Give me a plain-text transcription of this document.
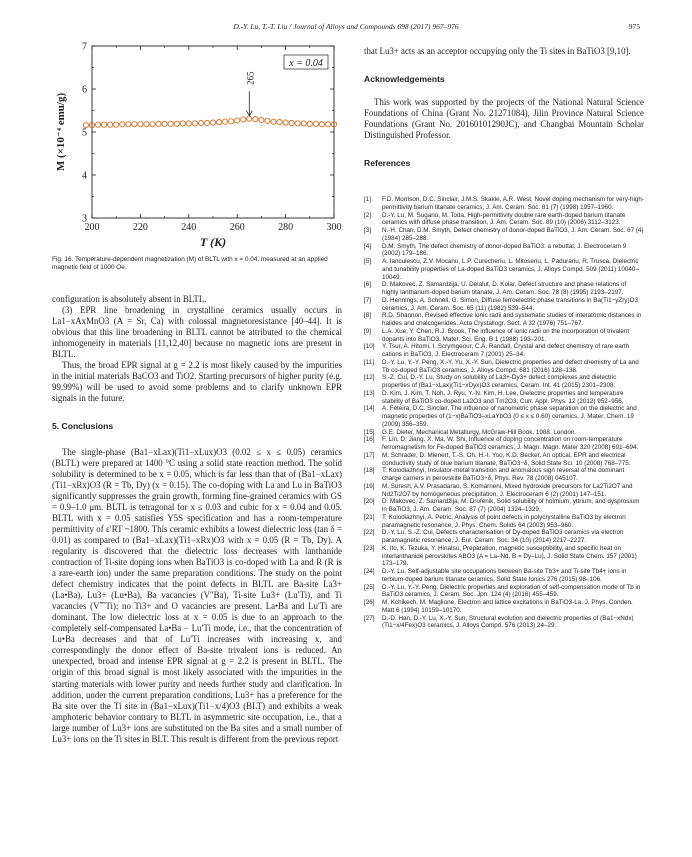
D.-Y. Lu, T.-T. Liu / Journal of Alloys and Compounds 698 (2017) 967–976	975
200	220	240	260	280	300
3
4
5
6
7
T (K)
M (×10⁻⁴ emu/g)
x = 0.04
265
Fig. 16. Temperature-dependent magnetization (M) of BLTL with x = 0.04, measured at an applied magnetic field of 1000 Oe.

configuration is absolutely absent in BLTL.

(3) EPR line broadening in crystalline ceramics usually occurs in La1−xAxMnO3 (A = Sr, Ca) with colossal magnetoresistance [40–44]. It is obvious that this line broadening in BLTL cannot be attributed to the chemical inhomogeneity in materials [11,12,40] because no magnetic ions are present in BLTL.

Thus, the broad EPR signal at g = 2.2 is most likely caused by the impurities in the initial materials BaCO3 and TiO2. Starting precursors of higher purity (e.g. 99.99%) will be used to avoid some problems and to clarify unknown EPR signals in the future.

5. Conclusions

The single-phase (Ba1−xLax)(Ti1−xLux)O3 (0.02 ≤ x ≤ 0.05) ceramics (BLTL) were prepared at 1400 °C using a solid state reaction method. The solid solubility is determined to be x = 0.05, which is far less than that of (Ba1−xLax)(Ti1−xRx)O3 (R = Tb, Dy) (x = 0.15). The co-doping with La and Lu in BaTiO3 significantly suppresses the grain growth, forming fine-grained ceramics with GS = 0.9–1.0 μm. BLTL is tetragonal for x ≤ 0.03 and cubic for x = 0.04 and 0.05. BLTL with x = 0.05 satisfies Y5S specification and has a room-temperature permittivity of ε′RT ~1800. This ceramic exhibits a lowest dielectric loss (tan δ = 0.01) as compared to (Ba1−xLax)(Ti1−xRx)O3 with x = 0.05 (R = Tb, Dy). A regularity is discovered that the dielectric loss decreases with lanthanide contraction of Ti-site doping ions when BaTiO3 is co-doped with La and R (R is a rare-earth ion) under the same preparation conditions. The study on the point defect chemistry indicates that the point defects in BLTL are Ba-site La3+ (La•Ba), Lu3+ (Lu•Ba), Ba vacancies (V″Ba), Ti-site Lu3+ (Lu′Ti), and Ti vacancies (V⁗Ti); no Ti3+ and O vacancies are present. La•Ba and Lu′Ti are dominant. The low dielectric loss at x = 0.05 is due to an approach to the completely self-compensated La•Ba − Lu′Ti mode, i.e., that the concentration of Lu•Ba decreases and that of Lu′Ti increases with increasing x, and correspondingly the donor effect of Ba-site trivalent ions is reduced. An unexpected, broad and intense EPR signal at g = 2.2 is present in BLTL. The origin of this broad signal is most likely associated with the impurities in the starting materials with lower purity and needs further study and clarification. In addition, under the current preparation conditions, Lu3+ has a preference for the Ba site over the Ti site in (Ba1−xLux)(Ti1−x/4)O3 (BLT) and exhibits a weak amphoteric behavior contrary to BLTL in asymmetric site occupation, i.e., that a large number of Lu3+ ions are substituted on the Ba sites and a small number of Lu3+ ions on the Ti sites in BLT. This result is different from the previous report

that Lu3+ acts as an acceptor occupying only the Ti sites in BaTiO3 [9,10].

Acknowledgements

This work was supported by the projects of the National Natural Science Foundations of China (Grant No. 21271084), Jilin Province Natural Science Foundations (Grant No. 20160101290JC), and Changbai Mountain Scholar Distinguished Professor.

References
[1]	F.D. Morrison, D.C. Sinclair, J.M.S. Skakle, A.R. West, Novel doping mechanism for very-high-permittivity barium titanate ceramics, J. Am. Ceram. Soc. 81 (7) (1998) 1957–1960.
[2]	D.-Y. Lu, M. Sugano, M. Toda, High-permittivity double rare earth-doped barium titanate ceramics with diffuse phase transition, J. Am. Ceram. Soc. 89 (10) (2006) 3112–3123.
[3]	N.-H. Chan, D.M. Smyth, Defect chemistry of donor-doped BaTiO3, J. Am. Ceram. Soc. 67 (4) (1984) 285–288.
[4]	D.M. Smyth, The defect chemistry of donor-doped BaTiO3: a rebuttal, J. Electroceram 9 (2002) 179–186.
[5]	A. Ianculescu, Z.V. Mocanu, L.P. Curecheriu, L. Mitoseriu, L. Padurariu, R. Trusca, Dielectric and tunability properties of La-doped BaTiO3 ceramics, J. Alloys Compd. 509 (2011) 10040–10049.
[6]	D. Makovec, Z. Samardzija, U. Delalut, D. Kolar, Defect structure and phase relations of highly lanthanum-doped barium titanate, J. Am. Ceram. Soc. 78 (8) (1995) 2193–2197.
[7]	D. Hennings, A. Schnell, G. Simon, Diffuse ferroelectric phase transitions in Ba(Ti1−yZry)O3 ceramics, J. Am. Ceram. Soc. 65 (11) (1982) 539–544.
[8]	R.D. Shannon, Revised effective ionic radii and systematic studies of interatomic distances in halides and chalcogenides, Acta Crystallogr. Sect. A 32 (1976) 751–767.
[9]	L.A. Xue, Y. Chen, R.J. Brook, The influence of ionic radii on the incorporation of trivalent dopants into BaTiO3, Mater. Sci. Eng. B 1 (1988) 193–201.
[10]	Y. Tsur, A. Hitomi, I. Scrymgeour, C.A. Randall, Crystal and defect chemistry of rare earth cations in BaTiO3, J. Electroceram 7 (2001) 25–34.
[11]	D.-Y. Lu, Y.-Y. Peng, X.-Y. Yu, X.-Y. Sun, Dielectric properties and defect chemistry of La and Tb co-doped BaTiO3 ceramics, J. Alloys Compd. 681 (2016) 128–138.
[12]	S.-Z. Cui, D.-Y. Lu, Study on solubility of La3+-Dy3+ defect complexes and dielectric properties of (Ba1−xLax)(Ti1−xDyx)O3 ceramics, Ceram. Int. 41 (2015) 2301–2308.
[13]	D. Kim, J. Kim, T. Noh, J. Ryu, Y.-N. Kim, H. Lee, Dielectric properties and temperature stability of BaTiO3 co-doped La2O3 and Tm2O3, Curr. Appl. Phys. 12 (2012) 952–956.
[14]	A. Feteira, D.C. Sinclair, The influence of nanometric phase separation on the dielectric and magnetic properties of (1−x)BaTiO3–xLaYbO3 (0 ≤ x ≤ 0.60) ceramics, J. Mater. Chem. 19 (2009) 356–359.
[15]	G.E. Dieter, Mechanical Metallurgy, McGraw-Hill Book, 1988. London.
[16]	F. Lin, D. Jiang, X. Ma, W. Shi, Influence of doping concentration on room-temperature ferromagnetism for Fe-doped BaTiO3 ceramics, J. Magn. Magn. Mater 320 (2008) 691–694.
[17]	M. Schrader, D. Mienert, T.-S. Oh, H.-I. Yoo, K.D. Becker, An optical, EPR and electrical conductivity study of blue barium titanate, BaTiO3−δ, Solid State Sci. 10 (2008) 768–775.
[18]	T. Kolodiazhnyi, Insulator-metal transition and anomalous sign reversal of the dominant charge carriers in perovskite BaTiO3−δ, Phys. Rev. 78 (2008) 045107.
[19]	M. Suresh, A.V. Prasadarao, S. Komarneni, Mixed hydroxide precursors for La2Ti2O7 and Nd2Ti2O7 by homogeneous precipitation, J. Electroceram 6 (2) (2001) 147–151.
[20]	D. Makovec, Z. Samardžija, M. Drofenik, Solid solubility of holmium, yttrium, and dysprosium in BaTiO3, J. Am. Ceram. Soc. 87 (7) (2004) 1324–1329.
[21]	T. Kolodiazhnyi, A. Petric, Analysis of point defects in polycrystalline BaTiO3 by electron paramagnetic resonance, J. Phys. Chem. Solids 64 (2003) 953–960.
[22]	D.-Y. Lu, S.-Z. Cui, Defects characterisation of Dy-doped BaTiO3 ceramics via electron paramagnetic resonance, J. Eur. Ceram. Soc. 34 (10) (2014) 2217–2227.
[23]	K. Ito, K. Tezuka, Y. Hinatsu, Preparation, magnetic susceptibility, and specific heat on interlanthanide perovskites ABO3 (A = La–Nd, B = Dy–Lu), J. Solid State Chem. 157 (2001) 173–179.
[24]	D.-Y. Lu, Self-adjustable site occupations between Ba-site Tb3+ and Ti-site Tb4+ ions in terbium-doped barium titanate ceramics, Solid State Ionics 276 (2015) 98–106.
[25]	D.-Y. Lu, Y.-Y. Peng, Dielectric properties and exploration of self-compensation mode of Tb in BaTiO3 ceramics, J. Ceram. Soc. Jpn. 124 (4) (2016) 455–459.
[26]	M. Kchikech, M. Maglione, Electron and lattice excitations in BaTiO3-La, J. Phys. Conden. Matt 6 (1994) 10159–10170.
[27]	D.-D. Han, D.-Y. Lu, X.-Y. Sun, Structural evolution and dielectric properties of (Ba1−xNdx)(Ti1−x/4Fex)O3 ceramics, J. Alloys Compd. 576 (2013) 24–29.
